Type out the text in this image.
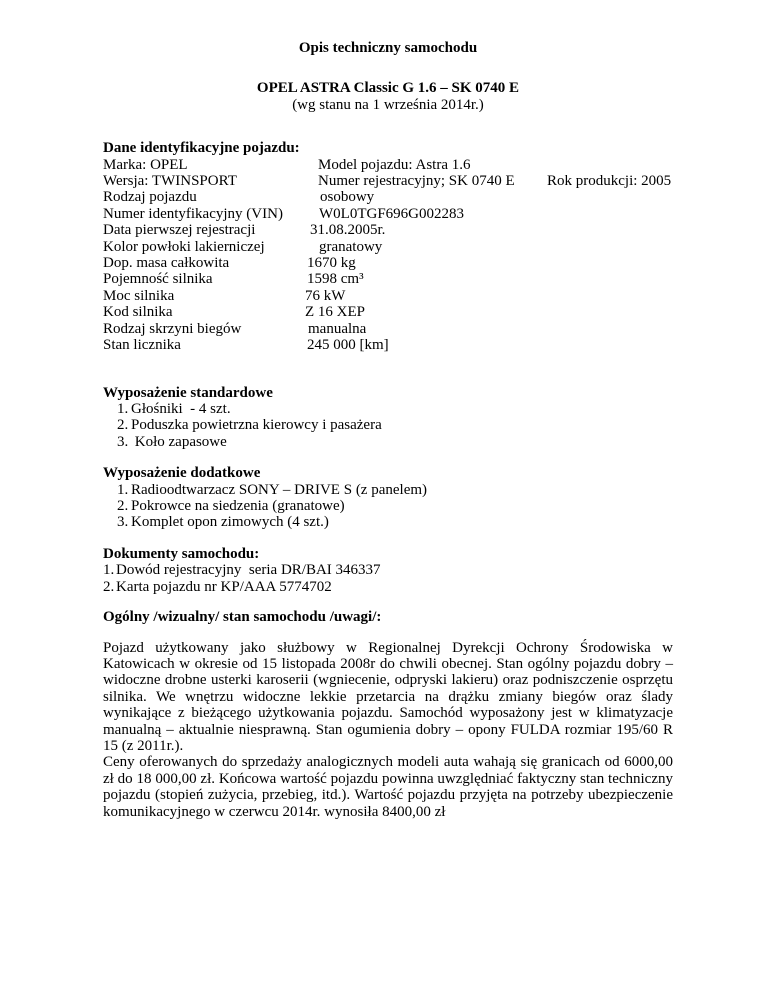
Opis techniczny samochodu
OPEL ASTRA Classic G 1.6 – SK 0740 E
(wg stanu na 1 września 2014r.)
Dane identyfikacyjne pojazdu:
Marka: OPEL	Model pojazdu: Astra 1.6
Wersja: TWINSPORT	Numer rejestracyjny; SK 0740 E Rok produkcji: 2005
Rodzaj pojazdu	osobowy
Numer identyfikacyjny (VIN) W0L0TGF696G002283
Data pierwszej rejestracji	31.08.2005r.
Kolor powłoki lakierniczej	granatowy
Dop. masa całkowita	1670 kg
Pojemność silnika	1598 cm³
Moc silnika	76 kW
Kod silnika	Z 16 XEP
Rodzaj skrzyni biegów	manualna
Stan licznika	245 000 [km]
Wyposażenie standardowe
1. Głośniki  - 4 szt.
2. Poduszka powietrzna kierowcy i pasażera
3. Koło zapasowe
Wyposażenie dodatkowe
1. Radioodtwarzacz SONY – DRIVE S (z panelem)
2. Pokrowce na siedzenia (granatowe)
3. Komplet opon zimowych (4 szt.)
Dokumenty samochodu:
1. Dowód rejestracyjny  seria DR/BAI 346337
2. Karta pojazdu nr KP/AAA 5774702
Ogólny /wizualny/ stan samochodu /uwagi/:

Pojazd użytkowany jako służbowy w Regionalnej Dyrekcji Ochrony Środowiska w Katowicach w okresie od 15 listopada 2008r do chwili obecnej. Stan ogólny pojazdu dobry – widoczne drobne usterki karoserii (wgniecenie, odpryski lakieru) oraz podniszczenie osprzętu silnika. We wnętrzu widoczne lekkie przetarcia na drążku zmiany biegów oraz ślady wynikające z bieżącego użytkowania pojazdu. Samochód wyposażony jest w klimatyzacje manualną – aktualnie niesprawną. Stan ogumienia dobry – opony FULDA rozmiar 195/60 R 15 (z 2011r.).

Ceny oferowanych do sprzedaży analogicznych modeli auta wahają się granicach od 6000,00 zł do 18 000,00 zł. Końcowa wartość pojazdu powinna uwzględniać faktyczny stan techniczny pojazdu (stopień zużycia, przebieg, itd.). Wartość pojazdu przyjęta na potrzeby ubezpieczenie komunikacyjnego w czerwcu 2014r. wynosiła 8400,00 zł
